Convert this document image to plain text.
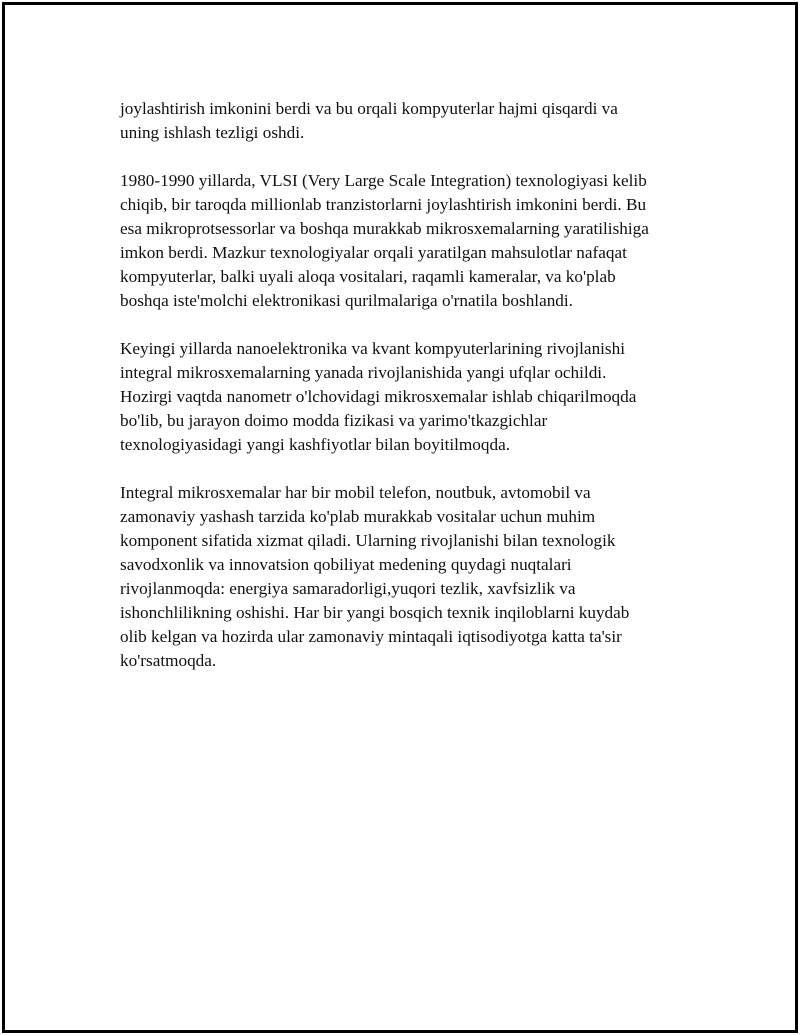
joylashtirish imkonini berdi va bu orqali kompyuterlar hajmi qisqardi va
uning ishlash tezligi oshdi.

1980-1990 yillarda, VLSI (Very Large Scale Integration) texnologiyasi kelib
chiqib, bir taroqda millionlab tranzistorlarni joylashtirish imkonini berdi. Bu
esa mikroprotsessorlar va boshqa murakkab mikrosxemalarning yaratilishiga
imkon berdi. Mazkur texnologiyalar orqali yaratilgan mahsulotlar nafaqat
kompyuterlar, balki uyali aloqa vositalari, raqamli kameralar, va ko'plab
boshqa iste'molchi elektronikasi qurilmalariga o'rnatila boshlandi.

Keyingi yillarda nanoelektronika va kvant kompyuterlarining rivojlanishi
integral mikrosxemalarning yanada rivojlanishida yangi ufqlar ochildi.
Hozirgi vaqtda nanometr o'lchovidagi mikrosxemalar ishlab chiqarilmoqda
bo'lib, bu jarayon doimo modda fizikasi va yarimo'tkazgichlar
texnologiyasidagi yangi kashfiyotlar bilan boyitilmoqda.

Integral mikrosxemalar har bir mobil telefon, noutbuk, avtomobil va
zamonaviy yashash tarzida ko'plab murakkab vositalar uchun muhim
komponent sifatida xizmat qiladi. Ularning rivojlanishi bilan texnologik
savodxonlik va innovatsion qobiliyat medening quydagi nuqtalari
rivojlanmoqda: energiya samaradorligi,yuqori tezlik, xavfsizlik va
ishonchlilikning oshishi. Har bir yangi bosqich texnik inqiloblarni kuydab
olib kelgan va hozirda ular zamonaviy mintaqali iqtisodiyotga katta ta'sir
ko'rsatmoqda.
